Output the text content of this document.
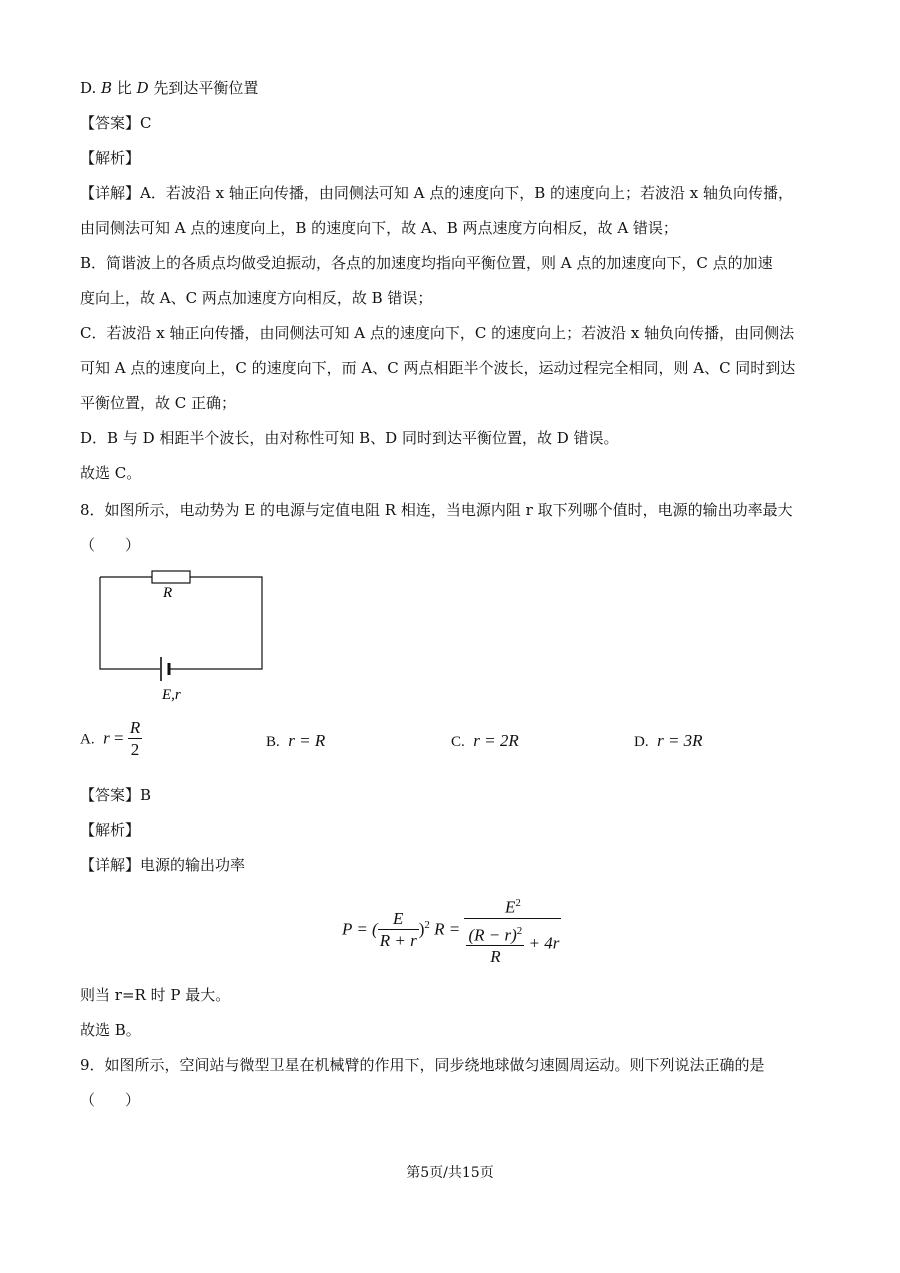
D. B 比 D 先到达平衡位置
【答案】C
【解析】
【详解】A．若波沿 x 轴正向传播，由同侧法可知 A 点的速度向下，B 的速度向上；若波沿 x 轴负向传播，
由同侧法可知 A 点的速度向上，B 的速度向下，故 A、B 两点速度方向相反，故 A 错误；
B．简谐波上的各质点均做受迫振动，各点的加速度均指向平衡位置，则 A 点的加速度向下，C 点的加速
度向上，故 A、C 两点加速度方向相反，故 B 错误；
C．若波沿 x 轴正向传播，由同侧法可知 A 点的速度向下，C 的速度向上；若波沿 x 轴负向传播，由同侧法
可知 A 点的速度向上，C 的速度向下，而 A、C 两点相距半个波长，运动过程完全相同，则 A、C 同时到达
平衡位置，故 C 正确；
D．B 与 D 相距半个波长，由对称性可知 B、D 同时到达平衡位置，故 D 错误。
故选 C。
8．如图所示，电动势为 E 的电源与定值电阻 R 相连，当电源内阻 r 取下列哪个值时，电源的输出功率最大
（　　）
R
E,r
A. $r = \frac{R}{2}$	B. r = R	C. r = 2R	D. r = 3R
【答案】B
【解析】
【详解】电源的输出功率
P = ( $\frac{E}{R + r} )^2$ $R = \frac{E^2}{\frac{(R - r)^2}{R} + 4r}$
则当 r=R 时 P 最大。
故选 B。
9．如图所示，空间站与微型卫星在机械臂的作用下，同步绕地球做匀速圆周运动。则下列说法正确的是
（　　）
第5页/共15页
